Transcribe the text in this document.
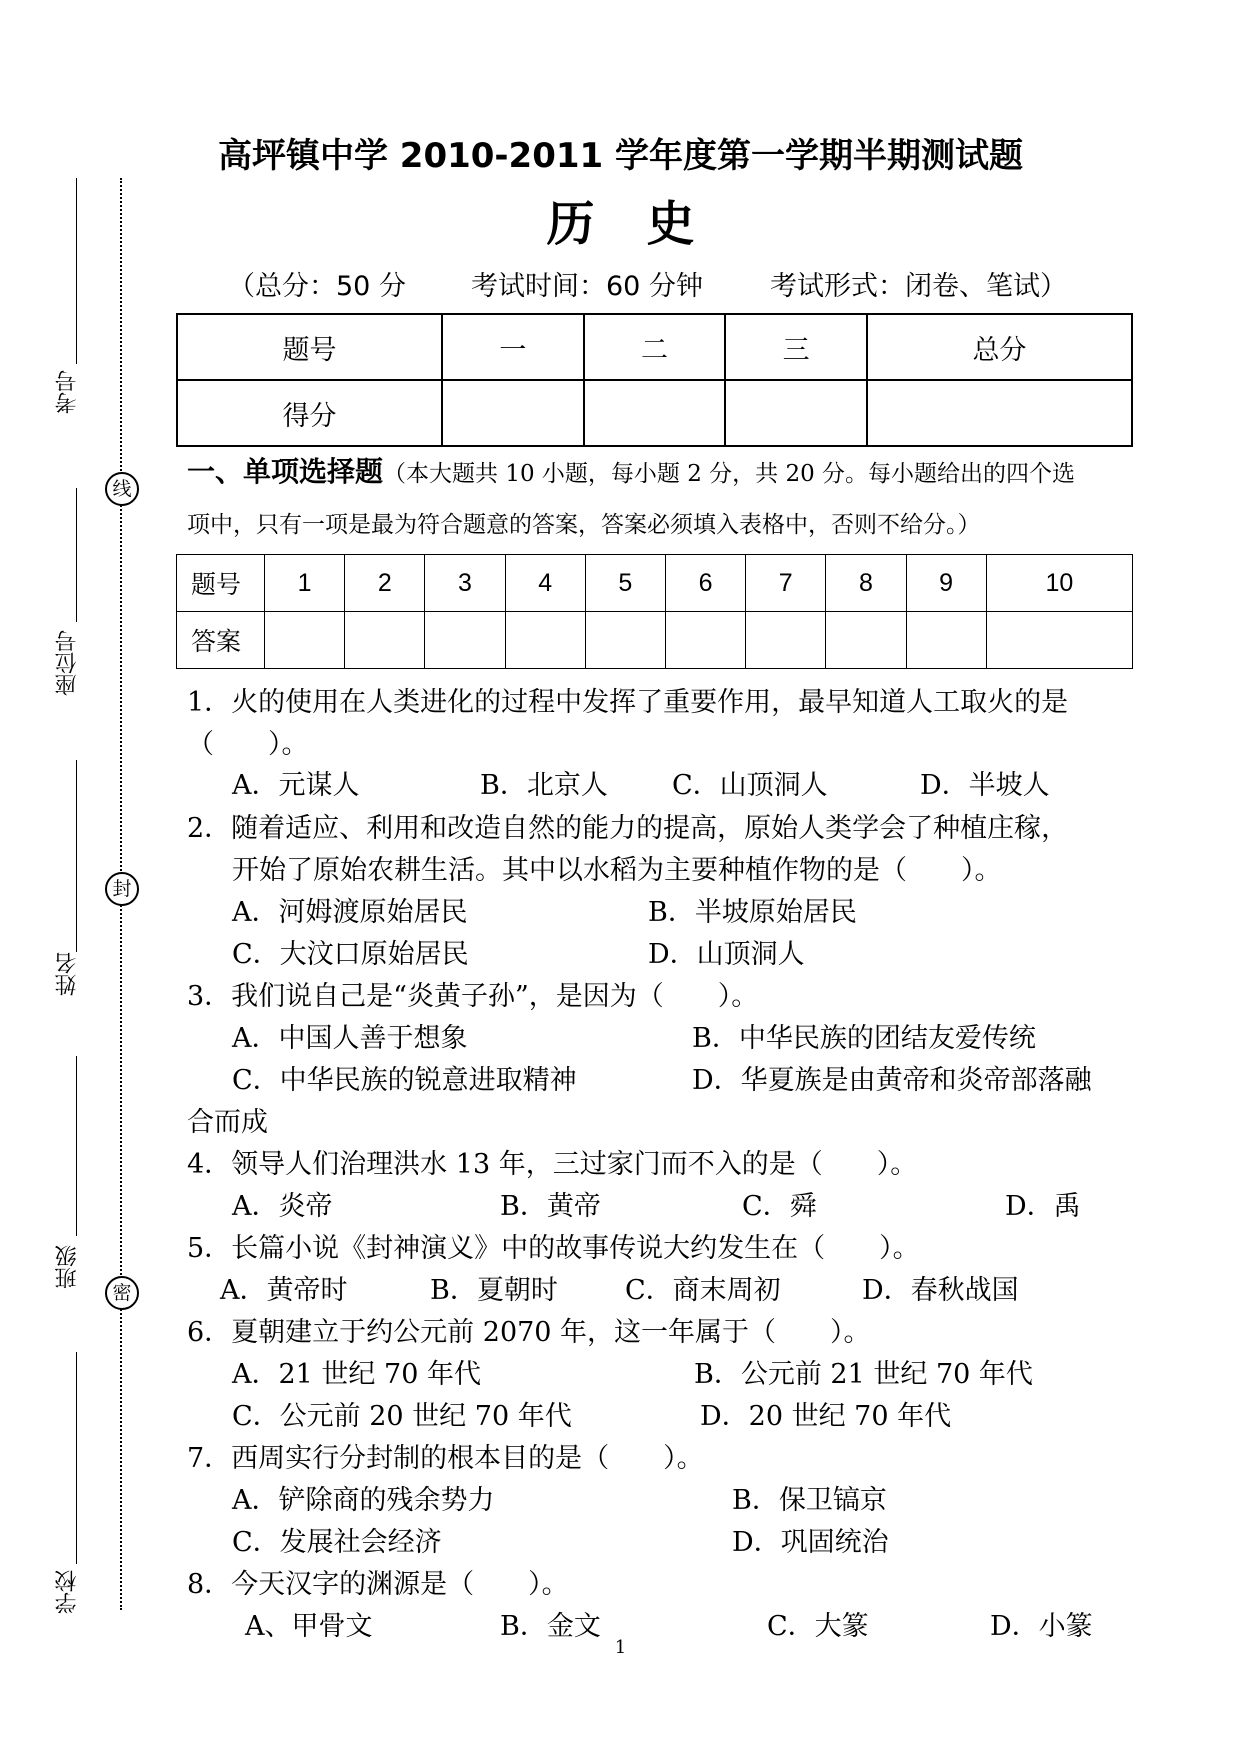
考号
线
座位号
封
姓名
班级
密
学校
高坪镇中学 2010-2011 学年度第一学期半期测试题
历史
（总分：50 分 考试时间：60 分钟 考试形式：闭卷、笔试）
题号	一	二	三	总分
得分				
一、单项选择题（本大题共 10 小题，每小题 2 分，共 20 分。每小题给出的四个选
项中，只有一项是最为符合题意的答案，答案必须填入表格中，否则不给分。）
题号	1	2	3	4	5	6	7	8	9	10
答案										
1．火的使用在人类进化的过程中发挥了重要作用，最早知道人工取火的是
（　　）。
A．元谋人	B．北京人 C．山顶洞人	D．半坡人
2．随着适应、利用和改造自然的能力的提高，原始人类学会了种植庄稼，
开始了原始农耕生活。其中以水稻为主要种植作物的是（　　）。
A．河姆渡原始居民	B．半坡原始居民
C．大汶口原始居民	D．山顶洞人
3．我们说自己是“炎黄子孙”，是因为（　　）。
A．中国人善于想象	B．中华民族的团结友爱传统
C．中华民族的锐意进取精神	D．华夏族是由黄帝和炎帝部落融
合而成
4．领导人们治理洪水 13 年，三过家门而不入的是（　　）。
A．炎帝	B．黄帝	C．舜	D．禹
5．长篇小说《封神演义》中的故事传说大约发生在（　　）。
A．黄帝时	B．夏朝时 C．商末周初	D．春秋战国
6．夏朝建立于约公元前 2070 年，这一年属于（　　）。
A．21 世纪 70 年代	B．公元前 21 世纪 70 年代
C．公元前 20 世纪 70 年代	D．20 世纪 70 年代
7．西周实行分封制的根本目的是（　　）。
A．铲除商的残余势力	B．保卫镐京
C．发展社会经济	D．巩固统治
8．今天汉字的渊源是（　　）。
A、甲骨文	B．金文	C．大篆	D．小篆
1
